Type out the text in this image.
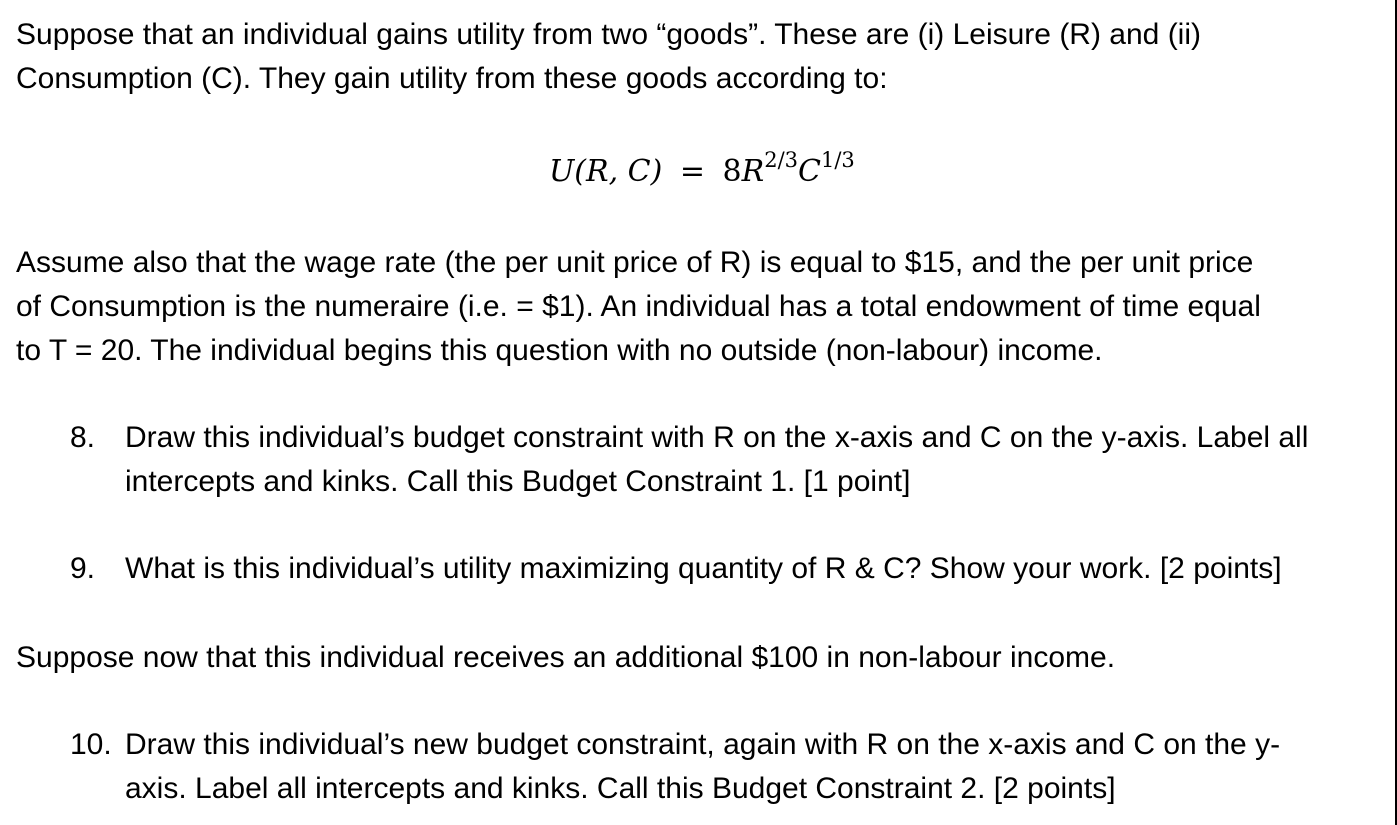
Suppose that an individual gains utility from two “goods”. These are (i) Leisure (R) and (ii)
Consumption (C). They gain utility from these goods according to:
U(R, $C) = 8R^{2/3}C^{1/3}$
Assume also that the wage rate (the per unit price of R) is equal to $15, and the per unit price
of Consumption is the numeraire (i.e. = $1). An individual has a total endowment of time equal
to T = 20. The individual begins this question with no outside (non-labour) income.
8. Draw this individual’s budget constraint with R on the x-axis and C on the y-axis. Label all
intercepts and kinks. Call this Budget Constraint 1. [1 point]
9. What is this individual’s utility maximizing quantity of R & C? Show your work. [2 points]
Suppose now that this individual receives an additional $100 in non-labour income.
10. Draw this individual’s new budget constraint, again with R on the x-axis and C on the y-
axis. Label all intercepts and kinks. Call this Budget Constraint 2. [2 points]
